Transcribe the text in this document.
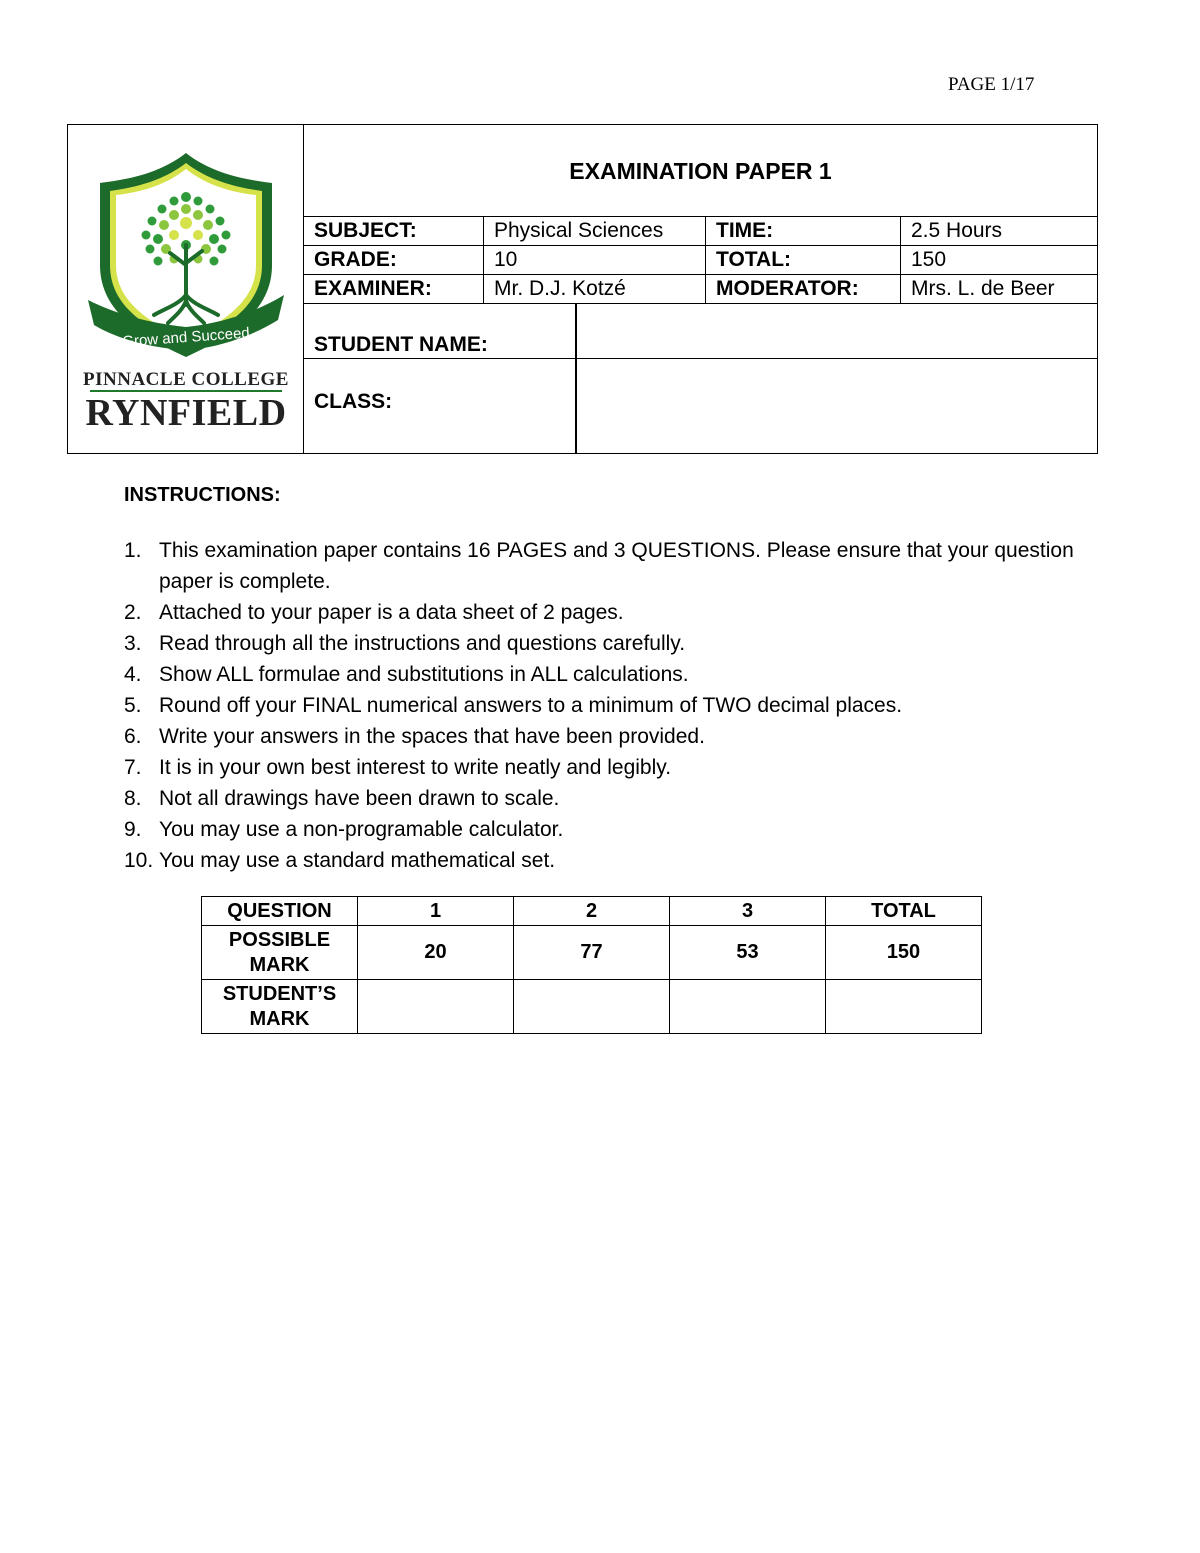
PAGE 1/17
Grow and Succeed
PINNACLE COLLEGE
RYNFIELD
EXAMINATION PAPER 1
SUBJECT:	Physical Sciences	TIME:	2.5 Hours
GRADE:	10	TOTAL:	150
EXAMINER:	Mr. D.J. Kotzé	MODERATOR:	Mrs. L. de Beer
STUDENT NAME:
CLASS:
INSTRUCTIONS:
1. This examination paper contains 16 PAGES and 3 QUESTIONS. Please ensure that your question paper is complete.
2. Attached to your paper is a data sheet of 2 pages.
3. Read through all the instructions and questions carefully.
4. Show ALL formulae and substitutions in ALL calculations.
5. Round off your FINAL numerical answers to a minimum of TWO decimal places.
6. Write your answers in the spaces that have been provided.
7. It is in your own best interest to write neatly and legibly.
8. Not all drawings have been drawn to scale.
9. You may use a non-programable calculator.
10. You may use a standard mathematical set.
QUESTION	1	2	3	TOTAL
POSSIBLE MARK	20	77	53	150
STUDENT’S MARK				
